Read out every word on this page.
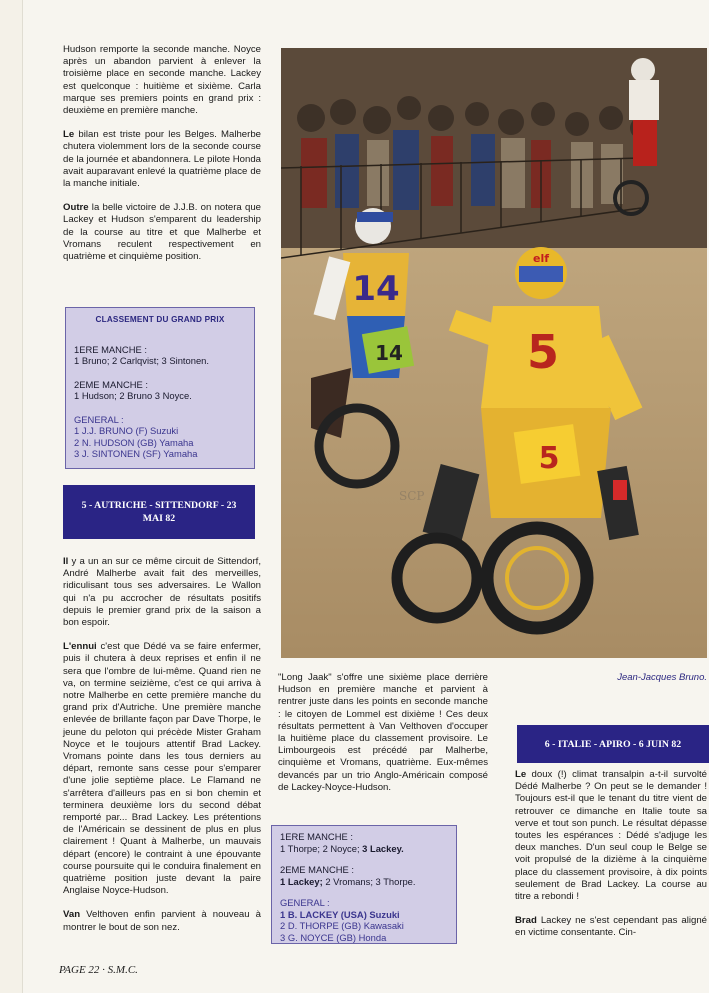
Hudson remporte la seconde manche. Noyce après un abandon parvient à enlever la troisième place en seconde manche. Lackey est quelconque : huitième et sixième. Carla marque ses premiers points en grand prix : deuxième en première manche.

Le bilan est triste pour les Belges. Malherbe chutera violemment lors de la seconde course de la journée et abandonnera. Le pilote Honda avait auparavant enlevé la quatrième place de la manche initiale.

Outre la belle victoire de J.J.B. on notera que Lackey et Hudson s'emparent du leadership de la course au titre et que Malherbe et Vromans reculent respectivement en quatrième et cinquième position.

CLASSEMENT DU GRAND PRIX
1ERE MANCHE :
1 Bruno; 2 Carlqvist; 3 Sintonen.
2EME MANCHE :
1 Hudson; 2 Bruno 3 Noyce.
GENERAL :
1 J.J. BRUNO (F) Suzuki
2 N. HUDSON (GB) Yamaha
3 J. SINTONEN (SF) Yamaha
5 - AUTRICHE - SITTENDORF - 23 MAI 82

Il y a un an sur ce même circuit de Sittendorf, André Malherbe avait fait des merveilles, ridiculisant tous ses adversaires. Le Wallon qui n'a pu accrocher de résultats positifs depuis le premier grand prix de la saison a bon espoir.

L'ennui c'est que Dédé va se faire enfermer, puis il chutera à deux reprises et enfin il ne sera que l'ombre de lui-même. Quand rien ne va, on termine seizième, c'est ce qui arriva à notre Malherbe en cette première manche du grand prix d'Autriche. Une première manche enlevée de brillante façon par Dave Thorpe, le jeune du peloton qui précède Mister Graham Noyce et le toujours attentif Brad Lackey. Vromans pointe dans les tous derniers au départ, remonte sans cesse pour s'emparer d'une jolie septième place. Le Flamand ne s'arrêtera d'ailleurs pas en si bon chemin et terminera deuxième lors du second débat remporté par... Brad Lackey. Les prétentions de l'Américain se dessinent de plus en plus clairement ! Quant à Malherbe, un mauvais départ (encore) le contraint à une épouvante course poursuite qui le conduira finalement en quatrième position juste devant la paire Anglaise Noyce-Hudson.

Van Velthoven enfin parvient à nouveau à montrer le bout de son nez.

14
14
elf
5
5
SCP
Jean-Jacques Bruno.

"Long Jaak" s'offre une sixième place derrière Hudson en première manche et parvient à rentrer juste dans les points en seconde manche : le citoyen de Lommel est dixième ! Ces deux résultats permettent à Van Velthoven d'occuper la huitième place du classement provisoire. Le Limbourgeois est précédé par Malherbe, cinquième et Vromans, quatrième. Eux-mêmes devancés par un trio Anglo-Américain composé de Lackey-Noyce-Hudson.

1ERE MANCHE :
1 Thorpe; 2 Noyce; 3 Lackey.
2EME MANCHE :
1 Lackey; 2 Vromans; 3 Thorpe.
GENERAL :
1 B. LACKEY (USA) Suzuki
2 D. THORPE (GB) Kawasaki
3 G. NOYCE (GB) Honda
6 - ITALIE - APIRO - 6 JUIN 82

Le doux (!) climat transalpin a-t-il survolté Dédé Malherbe ? On peut se le demander ! Toujours est-il que le tenant du titre vient de retrouver ce dimanche en Italie toute sa verve et tout son punch. Le résultat dépasse toutes les espérances : Dédé s'adjuge les deux manches. D'un seul coup le Belge se voit propulsé de la dizième à la cinquième place du classement provisoire, à dix points seulement de Brad Lackey. La course au titre a rebondi !

Brad Lackey ne s'est cependant pas aligné en victime consentante. Cin-

PAGE 22 · S.M.C.
